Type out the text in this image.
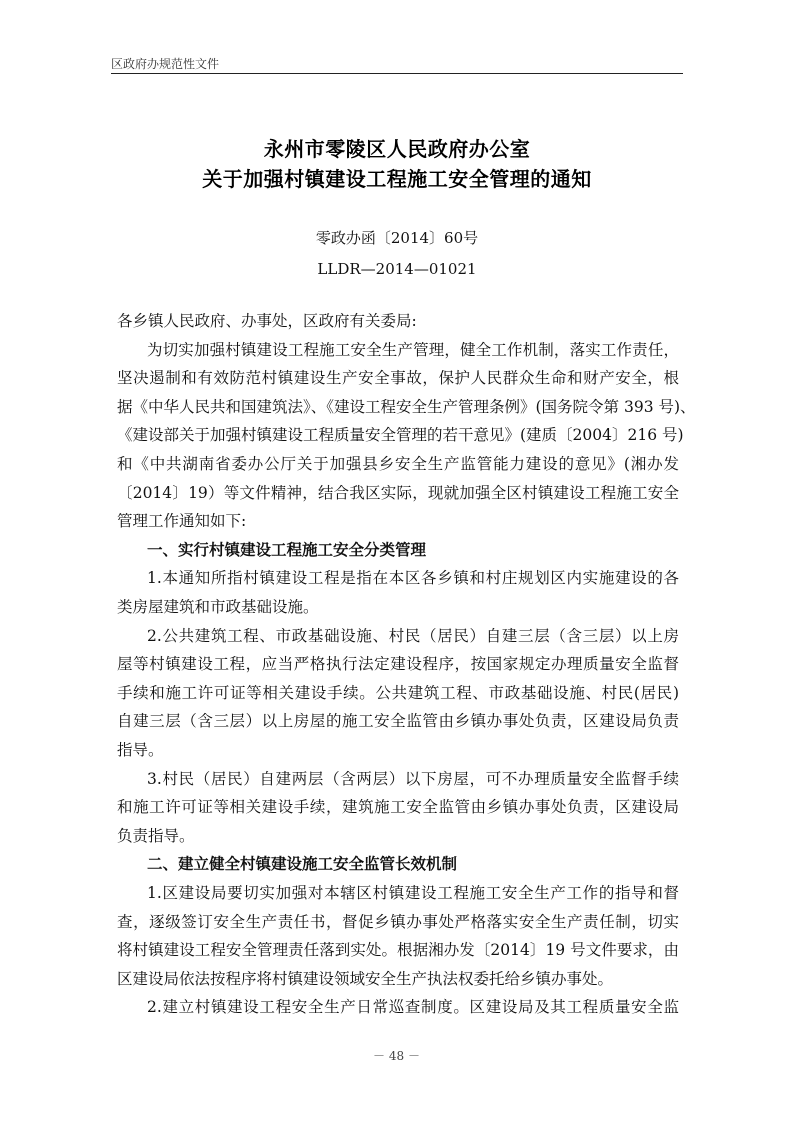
区政府办规范性文件
永州市零陵区人民政府办公室
关于加强村镇建设工程施工安全管理的通知
零政办函〔2014〕60号
LLDR—2014—01021
各乡镇人民政府、办事处，区政府有关委局:
为切实加强村镇建设工程施工安全生产管理，健全工作机制，落实工作责任，
坚决遏制和有效防范村镇建设生产安全事故，保护人民群众生命和财产安全，根
据《中华人民共和国建筑法》、《建设工程安全生产管理条例》(国务院令第 393 号)、
《建设部关于加强村镇建设工程质量安全管理的若干意见》(建质〔2004〕216 号)
和《中共湖南省委办公厅关于加强县乡安全生产监管能力建设的意见》(湘办发
〔2014〕19）等文件精神，结合我区实际，现就加强全区村镇建设工程施工安全
管理工作通知如下:
一、实行村镇建设工程施工安全分类管理
1.本通知所指村镇建设工程是指在本区各乡镇和村庄规划区内实施建设的各
类房屋建筑和市政基础设施。
2.公共建筑工程、市政基础设施、村民（居民）自建三层（含三层）以上房
屋等村镇建设工程，应当严格执行法定建设程序，按国家规定办理质量安全监督
手续和施工许可证等相关建设手续。公共建筑工程、市政基础设施、村民(居民)
自建三层（含三层）以上房屋的施工安全监管由乡镇办事处负责，区建设局负责
指导。
3.村民（居民）自建两层（含两层）以下房屋，可不办理质量安全监督手续
和施工许可证等相关建设手续，建筑施工安全监管由乡镇办事处负责，区建设局
负责指导。
二、建立健全村镇建设施工安全监管长效机制
1.区建设局要切实加强对本辖区村镇建设工程施工安全生产工作的指导和督
查，逐级签订安全生产责任书，督促乡镇办事处严格落实安全生产责任制，切实
－ 48 －
将村镇建设工程安全管理责任落到实处。根据湘办发〔2014〕19 号文件要求，由
区建设局依法按程序将村镇建设领域安全生产执法权委托给乡镇办事处。
2.建立村镇建设工程安全生产日常巡查制度。区建设局及其工程质量安全监
